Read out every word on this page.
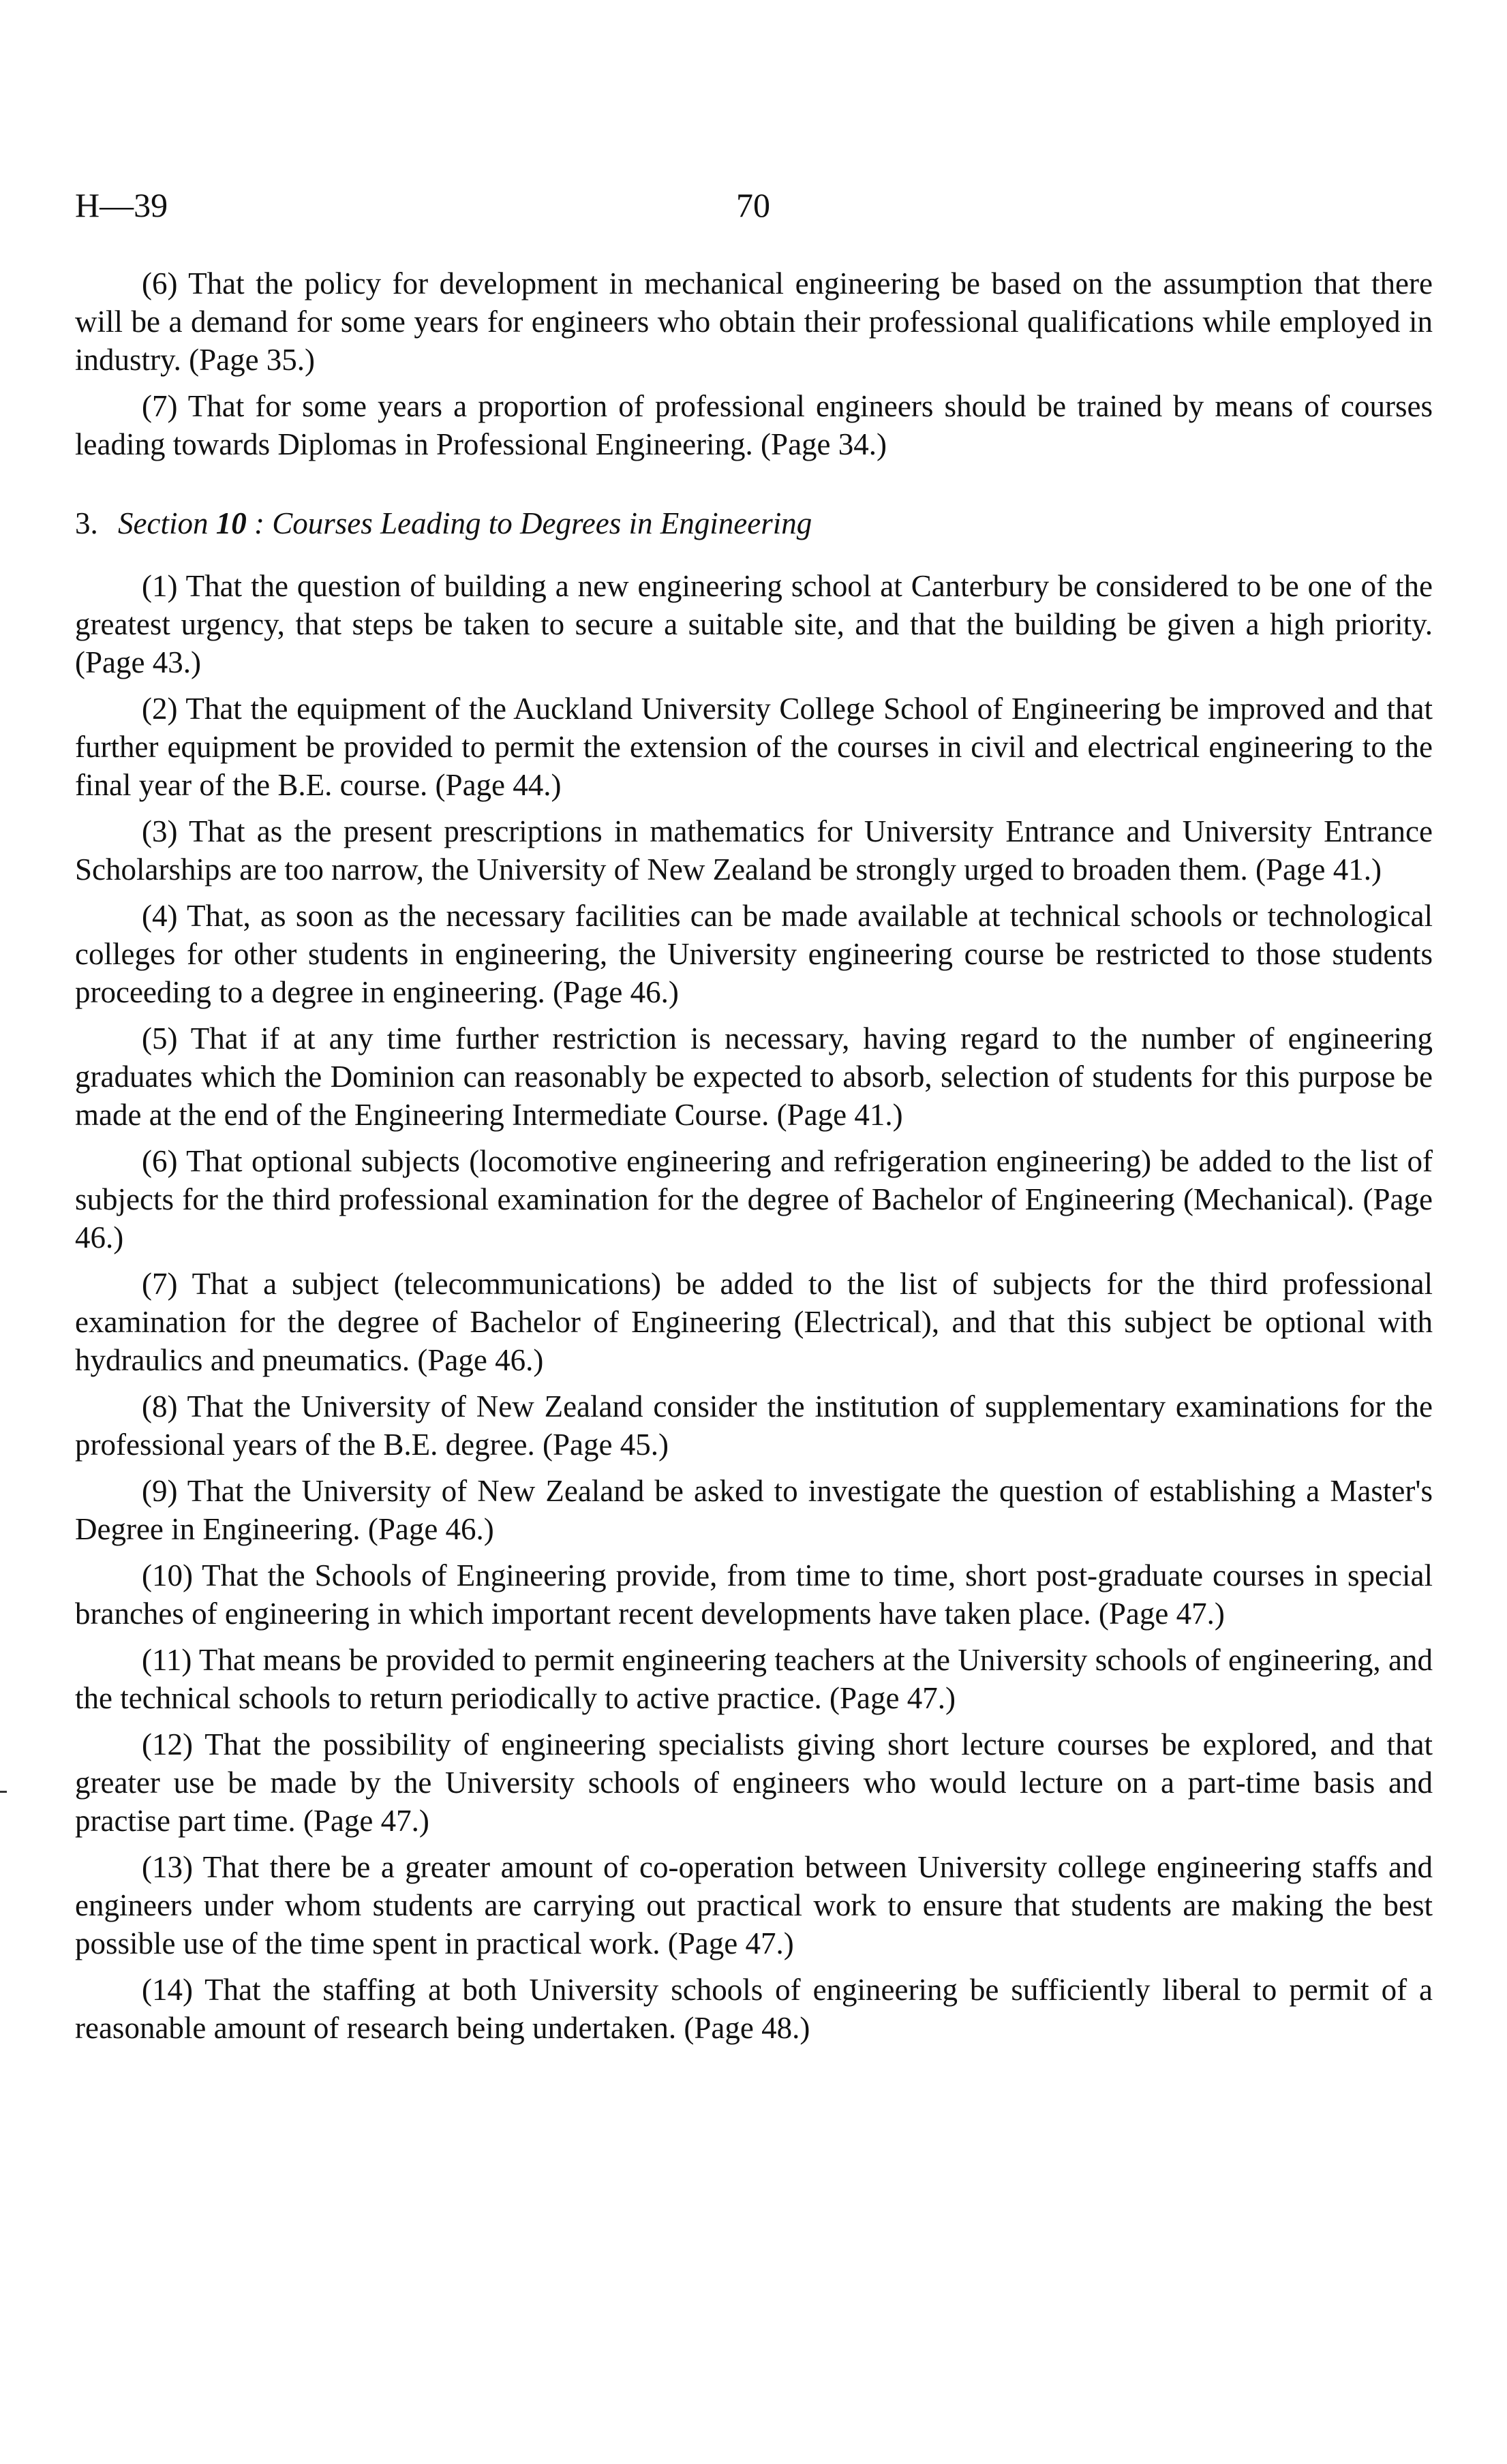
H—39	70

(6) That the policy for development in mechanical engineering be based on the assumption that there will be a demand for some years for engineers who obtain their professional qualifications while employed in industry. (Page 35.)

(7) That for some years a proportion of professional engineers should be trained by means of courses leading towards Diplomas in Professional Engineering. (Page 34.)

3. Section 10 : Courses Leading to Degrees in Engineering

(1) That the question of building a new engineering school at Canterbury be considered to be one of the greatest urgency, that steps be taken to secure a suitable site, and that the building be given a high priority. (Page 43.)

(2) That the equipment of the Auckland University College School of Engineering be improved and that further equipment be provided to permit the extension of the courses in civil and electrical engineering to the final year of the B.E. course. (Page 44.)

(3) That as the present prescriptions in mathematics for University Entrance and University Entrance Scholarships are too narrow, the University of New Zealand be strongly urged to broaden them. (Page 41.)

(4) That, as soon as the necessary facilities can be made available at technical schools or technological colleges for other students in engineering, the University engineering course be restricted to those students proceeding to a degree in engineering. (Page 46.)

(5) That if at any time further restriction is necessary, having regard to the number of engineering graduates which the Dominion can reasonably be expected to absorb, selection of students for this purpose be made at the end of the Engineering Intermediate Course. (Page 41.)

(6) That optional subjects (locomotive engineering and refrigeration engineering) be added to the list of subjects for the third professional examination for the degree of Bachelor of Engineering (Mechanical). (Page 46.)

(7) That a subject (telecommunications) be added to the list of subjects for the third professional examination for the degree of Bachelor of Engineering (Electrical), and that this subject be optional with hydraulics and pneumatics. (Page 46.)

(8) That the University of New Zealand consider the institution of supplementary examinations for the professional years of the B.E. degree. (Page 45.)

(9) That the University of New Zealand be asked to investigate the question of establishing a Master's Degree in Engineering. (Page 46.)

(10) That the Schools of Engineering provide, from time to time, short post-graduate courses in special branches of engineering in which important recent developments have taken place. (Page 47.)

(11) That means be provided to permit engineering teachers at the University schools of engineering, and the technical schools to return periodically to active practice. (Page 47.)

(12) That the possibility of engineering specialists giving short lecture courses be explored, and that greater use be made by the University schools of engineers who would lecture on a part-time basis and practise part time. (Page 47.)

(13) That there be a greater amount of co-operation between University college engineering staffs and engineers under whom students are carrying out practical work to ensure that students are making the best possible use of the time spent in practical work. (Page 47.)

(14) That the staffing at both University schools of engineering be sufficiently liberal to permit of a reasonable amount of research being undertaken. (Page 48.)
